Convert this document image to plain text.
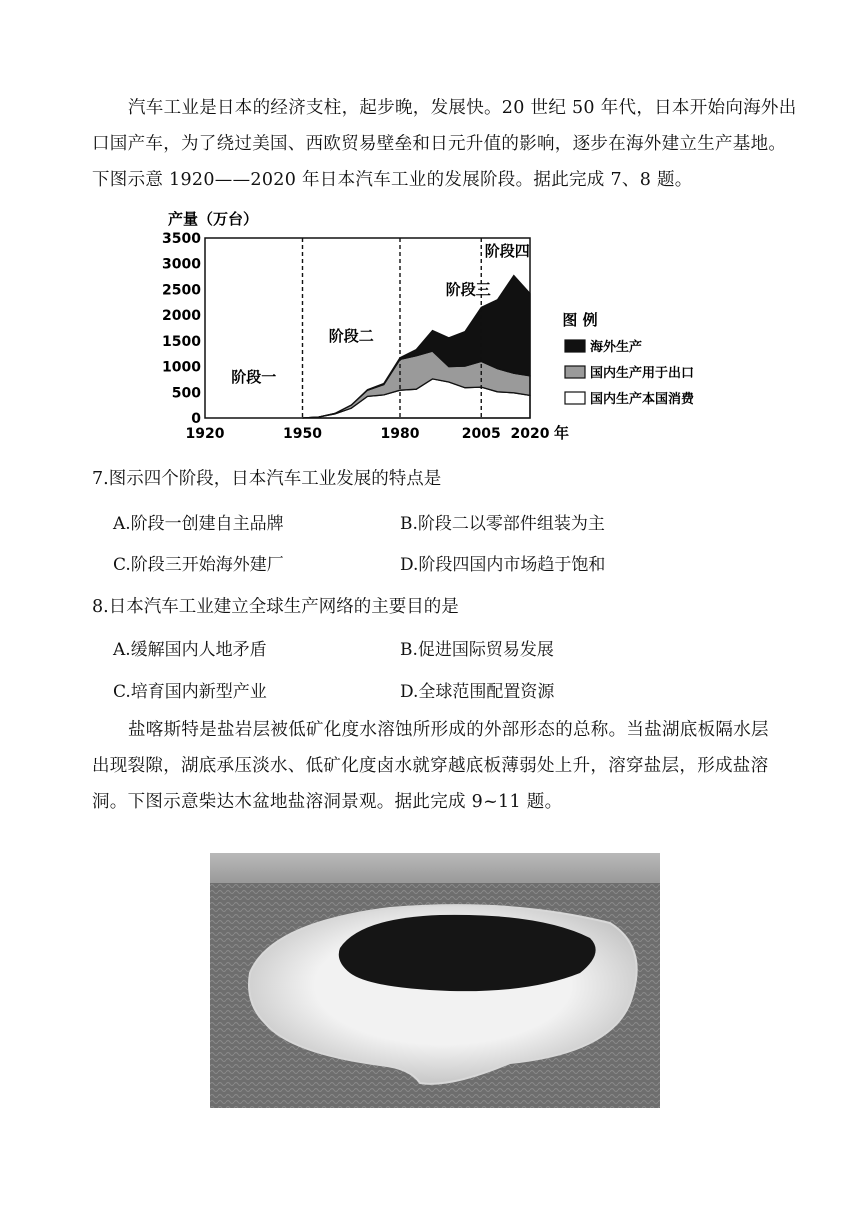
汽车工业是日本的经济支柱，起步晚，发展快。20 世纪 50 年代，日本开始向海外出
口国产车，为了绕过美国、西欧贸易壁垒和日元升值的影响，逐步在海外建立生产基地。
下图示意 1920——2020 年日本汽车工业的发展阶段。据此完成 7、8 题。
3500
3000
2500
2000
1500
1000
500
0
产量（万台）
1920	1950	1980	2005 2020 年
阶段一
阶段二
阶段三
阶段四
图 例
海外生产
国内生产用于出口
国内生产本国消费
7.图示四个阶段，日本汽车工业发展的特点是
A.阶段一创建自主品牌	B.阶段二以零部件组装为主
C.阶段三开始海外建厂	D.阶段四国内市场趋于饱和
8.日本汽车工业建立全球生产网络的主要目的是
A.缓解国内人地矛盾	B.促进国际贸易发展
C.培育国内新型产业	D.全球范围配置资源
盐喀斯特是盐岩层被低矿化度水溶蚀所形成的外部形态的总称。当盐湖底板隔水层
出现裂隙，湖底承压淡水、低矿化度卤水就穿越底板薄弱处上升，溶穿盐层，形成盐溶
洞。下图示意柴达木盆地盐溶洞景观。据此完成 9~11 题。
